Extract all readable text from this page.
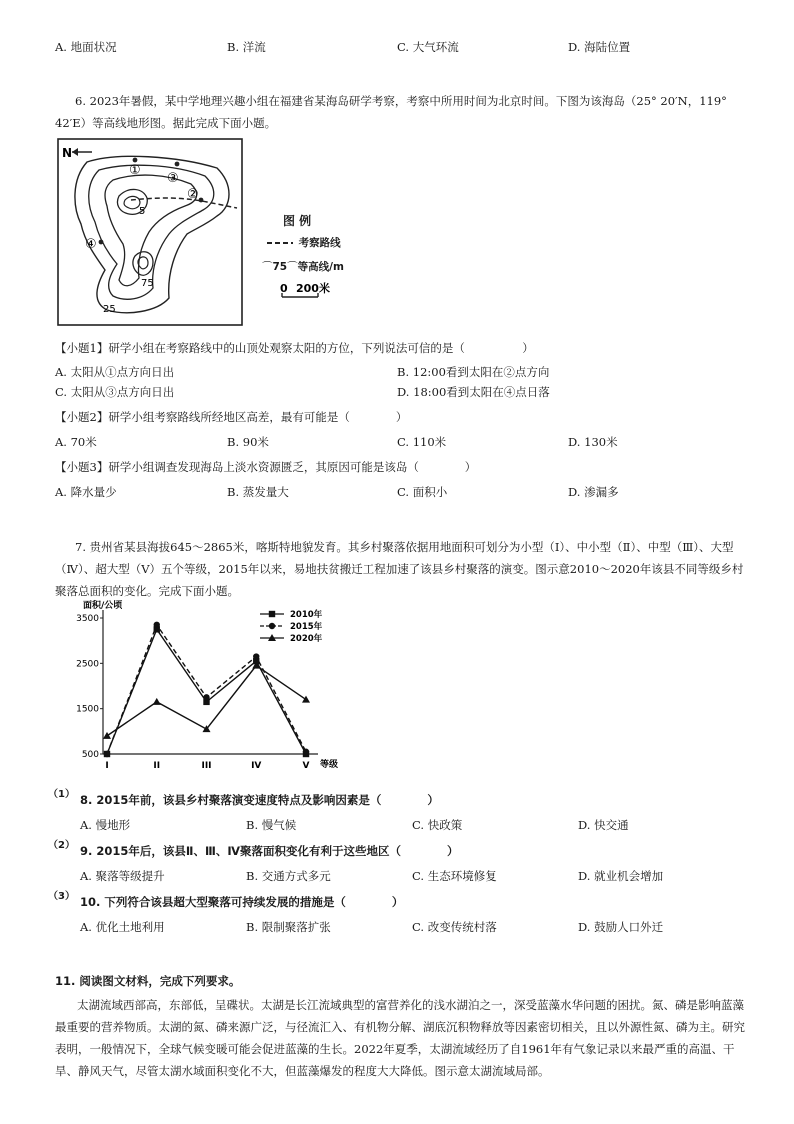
A. 地面状况	B. 洋流	C. 大气环流	D. 海陆位置
6. 2023年暑假，某中学地理兴趣小组在福建省某海岛研学考察，考察中所用时间为北京时间。下图为该海岛（25° 20′N，119° 42′E）等高线地形图。据此完成下面小题。
N
①
③
②
④
5
75
25
图 例
考察路线
⌒75⌒等高线/m
0 200米
【小题1】研学小组在考察路线中的山顶处观察太阳的方位，下列说法可信的是（　　　　　）
A. 太阳从①点方向日出	B. 12:00看到太阳在②点方向
C. 太阳从③点方向日出	D. 18:00看到太阳在④点日落
【小题2】研学小组考察路线所经地区高差，最有可能是（　　　　）
A. 70米	B. 90米	C. 110米	D. 130米
【小题3】研学小组调查发现海岛上淡水资源匮乏，其原因可能是该岛（　　　　）
A. 降水量少	B. 蒸发量大	C. 面积小	D. 渗漏多
7. 贵州省某县海拔645～2865米，喀斯特地貌发育。其乡村聚落依据用地面积可划分为小型（Ⅰ）、中小型（Ⅱ）、中型（Ⅲ）、大型（Ⅳ）、超大型（Ⅴ）五个等级，2015年以来，易地扶贫搬迁工程加速了该县乡村聚落的演变。图示意2010～2020年该县不同等级乡村聚落总面积的变化。完成下面小题。
面积/公顷
等级
500
1500
2500
3500
I	II	III	IV	V
2010年
2015年
2020年
（1） 8. 2015年前，该县乡村聚落演变速度特点及影响因素是（　　　　）
A. 慢地形	B. 慢气候	C. 快政策	D. 快交通
（2） 9. 2015年后，该县Ⅱ、Ⅲ、Ⅳ聚落面积变化有利于这些地区（　　　　）
A. 聚落等级提升	B. 交通方式多元	C. 生态环境修复	D. 就业机会增加
（3） 10. 下列符合该县超大型聚落可持续发展的措施是（　　　　）
A. 优化土地利用	B. 限制聚落扩张	C. 改变传统村落	D. 鼓励人口外迁
11. 阅读图文材料，完成下列要求。
太湖流域西部高，东部低，呈碟状。太湖是长江流域典型的富营养化的浅水湖泊之一，深受蓝藻水华问题的困扰。氮、磷是影响蓝藻最重要的营养物质。太湖的氮、磷来源广泛，与径流汇入、有机物分解、湖底沉积物释放等因素密切相关，且以外源性氮、磷为主。研究表明，一般情况下，全球气候变暖可能会促进蓝藻的生长。2022年夏季，太湖流域经历了自1961年有气象记录以来最严重的高温、干旱、静风天气，尽管太湖水域面积变化不大，但蓝藻爆发的程度大大降低。图示意太湖流域局部。
